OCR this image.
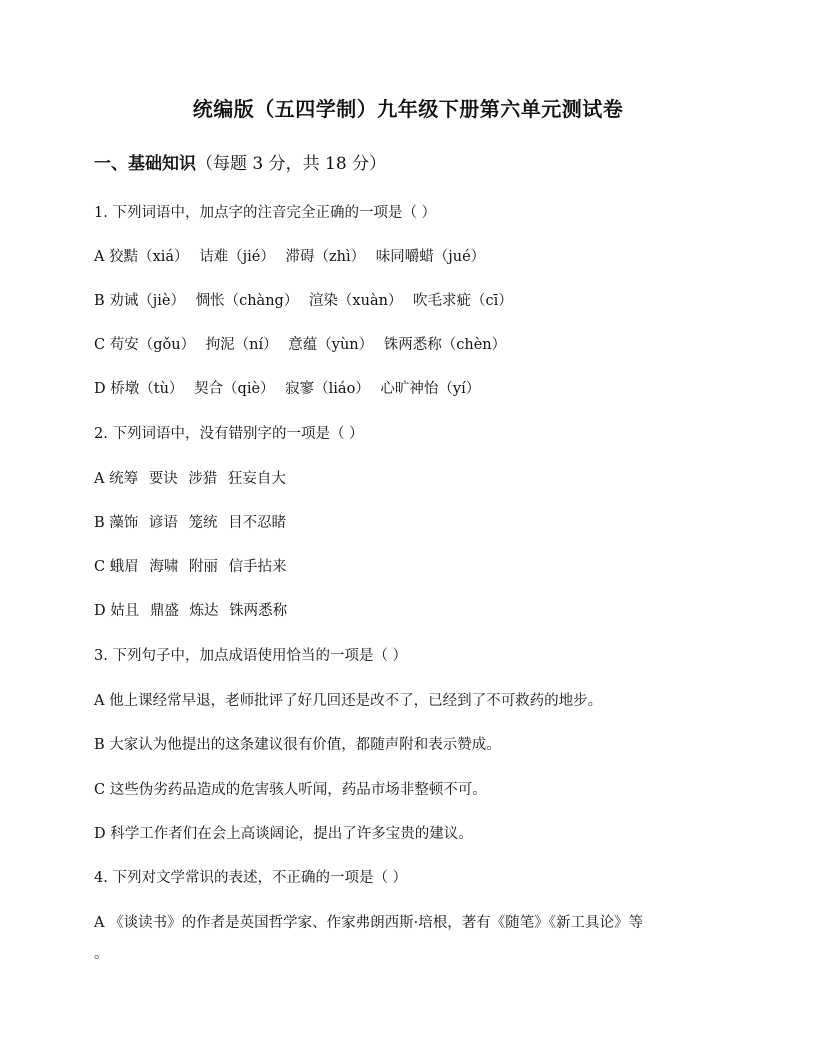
统编版（五四学制）九年级下册第六单元测试卷
一、基础知识（每题 3 分，共 18 分）
1. 下列词语中，加点字的注音完全正确的一项是（ ）
A 狡黠（xiá） 诘难（jié） 滞碍（zhì） 味同嚼蜡（jué）
B 劝诫（jiè） 惆怅（chàng） 渲染（xuàn） 吹毛求疵（cī）
C 苟安（gǒu） 拘泥（ní） 意蕴（yùn） 铢两悉称（chèn）
D 桥墩（tù） 契合（qiè） 寂寥（liáo） 心旷神怡（yí）
2. 下列词语中，没有错别字的一项是（ ）
A 统筹 要诀 涉猎 狂妄自大
B 藻饰 谚语 笼统 目不忍睹
C 蛾眉 海啸 附丽 信手拈来
D 姑且 鼎盛 炼达 铢两悉称
3. 下列句子中，加点成语使用恰当的一项是（ ）
A 他上课经常早退，老师批评了好几回还是改不了，已经到了不可救药的地步。
B 大家认为他提出的这条建议很有价值，都随声附和表示赞成。
C 这些伪劣药品造成的危害骇人听闻，药品市场非整顿不可。
D 科学工作者们在会上高谈阔论，提出了许多宝贵的建议。
4. 下列对文学常识的表述，不正确的一项是（ ）
A 《谈读书》的作者是英国哲学家、作家弗朗西斯·培根，著有《随笔》《新工具论》等
。
